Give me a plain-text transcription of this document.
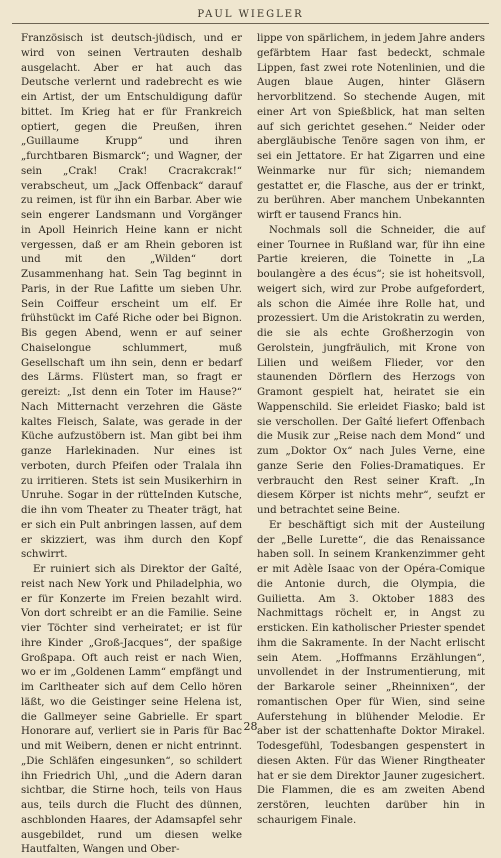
PAUL WIEGLER

Französisch ist deutsch-jüdisch, und er wird von seinen Vertrauten deshalb ausgelacht. Aber er hat auch das Deutsche verlernt und radebrecht es wie ein Artist, der um Entschuldigung dafür bittet. Im Krieg hat er für Frankreich optiert, gegen die Preußen, ihren „Guillaume Krupp“ und ihren „furchtbaren Bismarck“; und Wagner, der sein „Crak! Crak! Cracrakcrak!“ verabscheut, um „Jack Offenback“ darauf zu reimen, ist für ihn ein Barbar. Aber wie sein engerer Landsmann und Vorgänger in Apoll Heinrich Heine kann er nicht vergessen, daß er am Rhein geboren ist und mit den „Wilden“ dort Zusammenhang hat. Sein Tag beginnt in Paris, in der Rue Lafitte um sieben Uhr. Sein Coiffeur erscheint um elf. Er frühstückt im Café Riche oder bei Bignon. Bis gegen Abend, wenn er auf seiner Chaiselongue schlummert, muß Gesellschaft um ihn sein, denn er bedarf des Lärms. Flüstert man, so fragt er gereizt: „Ist denn ein Toter im Hause?“ Nach Mitternacht verzehren die Gäste kaltes Fleisch, Salate, was gerade in der Küche aufzustöbern ist. Man gibt bei ihm ganze Harlekinaden. Nur eines ist verboten, durch Pfeifen oder Tralala ihn zu irritieren. Stets ist sein Musikerhirn in Unruhe. Sogar in der rütteInden Kutsche, die ihn vom Theater zu Theater trägt, hat er sich ein Pult anbringen lassen, auf dem er skizziert, was ihm durch den Kopf schwirrt.

Er ruiniert sich als Direktor der Gaîté, reist nach New York und Philadelphia, wo er für Konzerte im Freien bezahlt wird. Von dort schreibt er an die Familie. Seine vier Töchter sind verheiratet; er ist für ihre Kinder „Groß-Jacques“, der spaßige Großpapa. Oft auch reist er nach Wien, wo er im „Goldenen Lamm“ empfängt und im Carltheater sich auf dem Cello hören läßt, wo die Geistinger seine Helena ist, die Gallmeyer seine Gabrielle. Er spart Honorare auf, verliert sie in Paris für Bac und mit Weibern, denen er nicht entrinnt. „Die Schläfen eingesunken“, so schildert ihn Friedrich Uhl, „und die Adern daran sichtbar, die Stirne hoch, teils von Haus aus, teils durch die Flucht des dünnen, aschblonden Haares, der Adamsapfel sehr ausgebildet, rund um diesen welke Hautfalten, Wangen und Ober-

lippe von spärlichem, in jedem Jahre anders gefärbtem Haar fast bedeckt, schmale Lippen, fast zwei rote Notenlinien, und die Augen blaue Augen, hinter Gläsern hervorblitzend. So stechende Augen, mit einer Art von Spießblick, hat man selten auf sich gerichtet gesehen.“ Neider oder abergläubische Tenöre sagen von ihm, er sei ein Jettatore. Er hat Zigarren und eine Weinmarke nur für sich; niemandem gestattet er, die Flasche, aus der er trinkt, zu berühren. Aber manchem Unbekannten wirft er tausend Francs hin.

Nochmals soll die Schneider, die auf einer Tournee in Rußland war, für ihn eine Partie kreieren, die Toinette in „La boulangère a des écus“; sie ist hoheitsvoll, weigert sich, wird zur Probe aufgefordert, als schon die Aimée ihre Rolle hat, und prozessiert. Um die Aristokratin zu werden, die sie als echte Großherzogin von Gerolstein, jungfräulich, mit Krone von Lilien und weißem Flieder, vor den staunenden Dörflern des Herzogs von Gramont gespielt hat, heiratet sie ein Wappenschild. Sie erleidet Fiasko; bald ist sie verschollen. Der Gaîté liefert Offenbach die Musik zur „Reise nach dem Mond“ und zum „Doktor Ox“ nach Jules Verne, eine ganze Serie den Folies-Dramatiques. Er verbraucht den Rest seiner Kraft. „In diesem Körper ist nichts mehr“, seufzt er und betrachtet seine Beine.

Er beschäftigt sich mit der Austeilung der „Belle Lurette“, die das Renaissance haben soll. In seinem Krankenzimmer geht er mit Adèle Isaac von der Opéra-Comique die Antonie durch, die Olympia, die Guilietta. Am 3. Oktober 1883 des Nachmittags röchelt er, in Angst zu ersticken. Ein katholischer Priester spendet ihm die Sakramente. In der Nacht erlischt sein Atem. „Hoffmanns Erzählungen“, unvollendet in der Instrumentierung, mit der Barkarole seiner „Rheinnixen“, der romantischen Oper für Wien, sind seine Auferstehung in blühender Melodie. Er aber ist der schattenhafte Doktor Mirakel. Todesgefühl, Todesbangen gespenstert in diesen Akten. Für das Wiener Ringtheater hat er sie dem Direktor Jauner zugesichert. Die Flammen, die es am zweiten Abend zerstören, leuchten darüber hin in schaurigem Finale.

28
